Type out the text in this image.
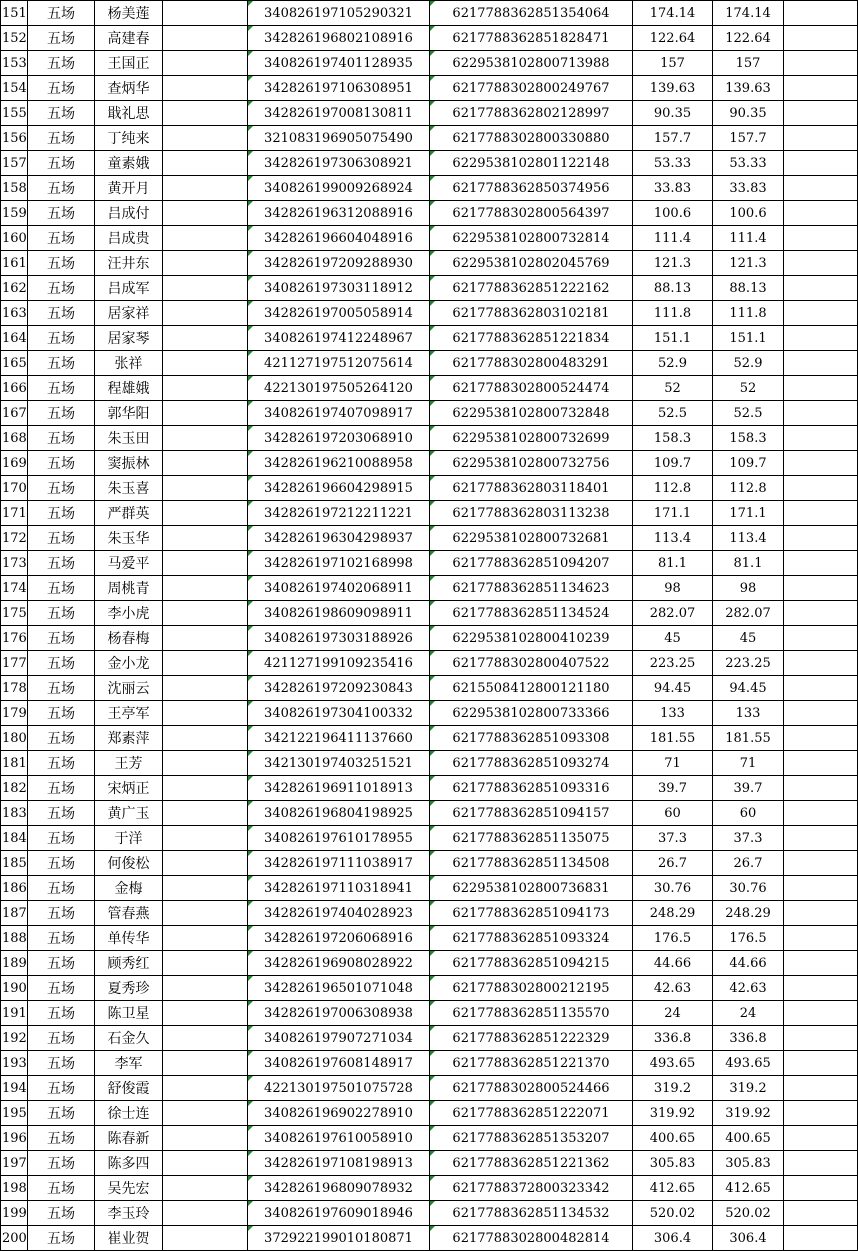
151	五场	杨美莲		340826197105290321	6217788362851354064	174.14	174.14	
152	五场	高建春		342826196802108916	6217788362851828471	122.64	122.64	
153	五场	王国正		340826197401128935	6229538102800713988	157	157	
154	五场	查炳华		342826197106308951	6217788302800249767	139.63	139.63	
155	五场	戢礼思		342826197008130811	6217788362802128997	90.35	90.35	
156	五场	丁纯来		321083196905075490	6217788302800330880	157.7	157.7	
157	五场	童素娥		342826197306308921	6229538102801122148	53.33	53.33	
158	五场	黄开月		340826199009268924	6217788362850374956	33.83	33.83	
159	五场	吕成付		342826196312088916	6217788302800564397	100.6	100.6	
160	五场	吕成贵		342826196604048916	6229538102800732814	111.4	111.4	
161	五场	汪井东		342826197209288930	6229538102802045769	121.3	121.3	
162	五场	吕成军		340826197303118912	6217788362851222162	88.13	88.13	
163	五场	居家祥		342826197005058914	6217788362803102181	111.8	111.8	
164	五场	居家琴		340826197412248967	6217788362851221834	151.1	151.1	
165	五场	张祥		421127197512075614	6217788302800483291	52.9	52.9	
166	五场	程雄娥		422130197505264120	6217788302800524474	52	52	
167	五场	郭华阳		340826197407098917	6229538102800732848	52.5	52.5	
168	五场	朱玉田		342826197203068910	6229538102800732699	158.3	158.3	
169	五场	窦振林		342826196210088958	6229538102800732756	109.7	109.7	
170	五场	朱玉喜		342826196604298915	6217788362803118401	112.8	112.8	
171	五场	严群英		342826197212211221	6217788362803113238	171.1	171.1	
172	五场	朱玉华		342826196304298937	6229538102800732681	113.4	113.4	
173	五场	马爱平		342826197102168998	6217788362851094207	81.1	81.1	
174	五场	周桃青		340826197402068911	6217788362851134623	98	98	
175	五场	李小虎		340826198609098911	6217788362851134524	282.07	282.07	
176	五场	杨春梅		340826197303188926	6229538102800410239	45	45	
177	五场	金小龙		421127199109235416	6217788302800407522	223.25	223.25	
178	五场	沈丽云		342826197209230843	6215508412800121180	94.45	94.45	
179	五场	王亭军		340826197304100332	6229538102800733366	133	133	
180	五场	郑素萍		342122196411137660	6217788362851093308	181.55	181.55	
181	五场	王芳		342130197403251521	6217788362851093274	71	71	
182	五场	宋炳正		342826196911018913	6217788362851093316	39.7	39.7	
183	五场	黄广玉		340826196804198925	6217788362851094157	60	60	
184	五场	于洋		340826197610178955	6217788362851135075	37.3	37.3	
185	五场	何俊松		342826197111038917	6217788362851134508	26.7	26.7	
186	五场	金梅		342826197110318941	6229538102800736831	30.76	30.76	
187	五场	管春燕		342826197404028923	6217788362851094173	248.29	248.29	
188	五场	单传华		342826197206068916	6217788362851093324	176.5	176.5	
189	五场	顾秀红		342826196908028922	6217788362851094215	44.66	44.66	
190	五场	夏秀珍		342826196501071048	6217788302800212195	42.63	42.63	
191	五场	陈卫星		342826197006308938	6217788362851135570	24	24	
192	五场	石金久		340826197907271034	6217788362851222329	336.8	336.8	
193	五场	李军		340826197608148917	6217788362851221370	493.65	493.65	
194	五场	舒俊霞		422130197501075728	6217788302800524466	319.2	319.2	
195	五场	徐士连		340826196902278910	6217788362851222071	319.92	319.92	
196	五场	陈春新		340826197610058910	6217788362851353207	400.65	400.65	
197	五场	陈多四		342826197108198913	6217788362851221362	305.83	305.83	
198	五场	吴先宏		342826196809078932	6217788372800323342	412.65	412.65	
199	五场	李玉玲		340826197609018946	6217788362851134532	520.02	520.02	
200	五场	崔业贺		372922199010180871	6217788302800482814	306.4	306.4	
